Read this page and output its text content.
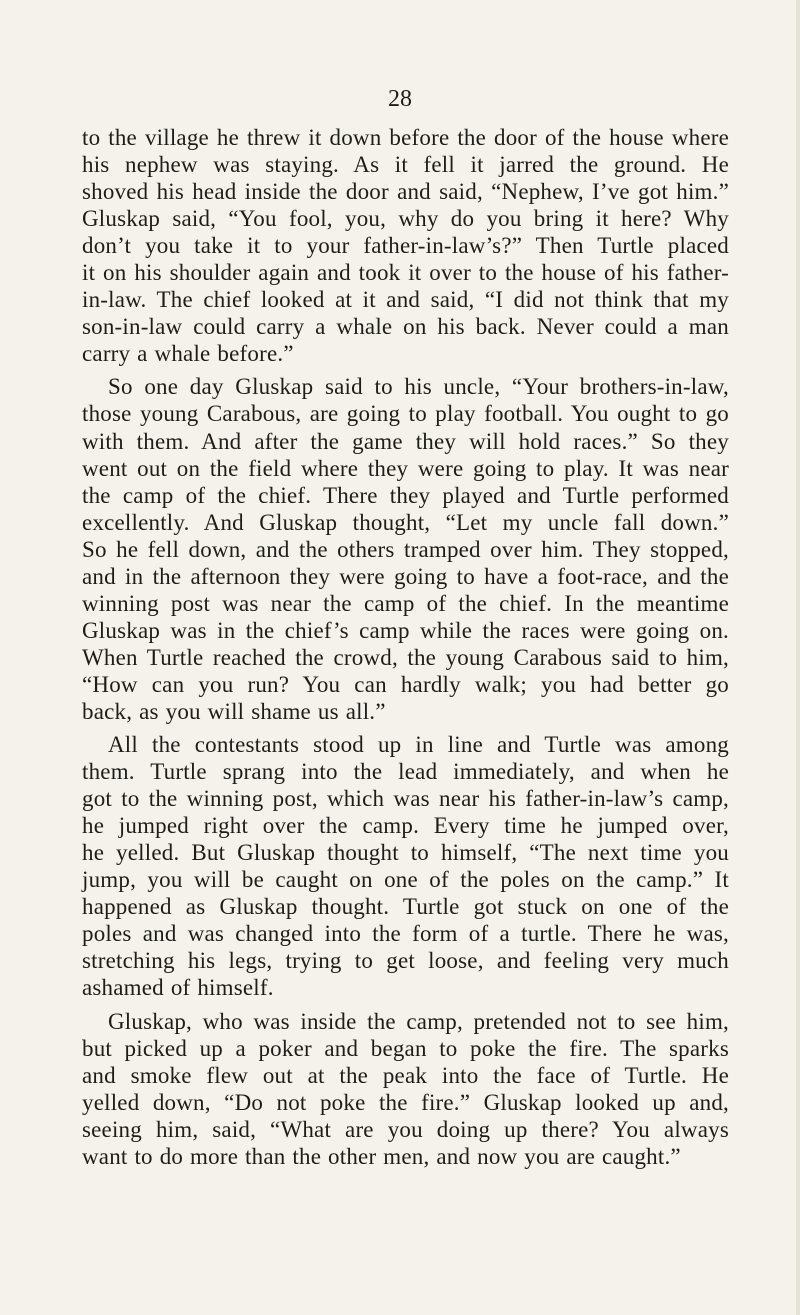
28

to the village he threw it down before the door of the house where
his nephew was staying. As it fell it jarred the ground. He
shoved his head inside the door and said, “Nephew, I’ve got him.”
Gluskap said, “You fool, you, why do you bring it here? Why
don’t you take it to your father-in-law’s?” Then Turtle placed
it on his shoulder again and took it over to the house of his father-
in-law. The chief looked at it and said, “I did not think that my
son-in-law could carry a whale on his back. Never could a man
carry a whale before.”

So one day Gluskap said to his uncle, “Your brothers-in-law,
those young Carabous, are going to play football. You ought to go
with them. And after the game they will hold races.” So they
went out on the field where they were going to play. It was near
the camp of the chief. There they played and Turtle performed
excellently. And Gluskap thought, “Let my uncle fall down.”
So he fell down, and the others tramped over him. They stopped,
and in the afternoon they were going to have a foot-race, and the
winning post was near the camp of the chief. In the meantime
Gluskap was in the chief’s camp while the races were going on.
When Turtle reached the crowd, the young Carabous said to him,
“How can you run? You can hardly walk; you had better go
back, as you will shame us all.”

All the contestants stood up in line and Turtle was among
them. Turtle sprang into the lead immediately, and when he
got to the winning post, which was near his father-in-law’s camp,
he jumped right over the camp. Every time he jumped over,
he yelled. But Gluskap thought to himself, “The next time you
jump, you will be caught on one of the poles on the camp.” It
happened as Gluskap thought. Turtle got stuck on one of the
poles and was changed into the form of a turtle. There he was,
stretching his legs, trying to get loose, and feeling very much
ashamed of himself.

Gluskap, who was inside the camp, pretended not to see him,
but picked up a poker and began to poke the fire. The sparks
and smoke flew out at the peak into the face of Turtle. He
yelled down, “Do not poke the fire.” Gluskap looked up and,
seeing him, said, “What are you doing up there? You always
want to do more than the other men, and now you are caught.”
